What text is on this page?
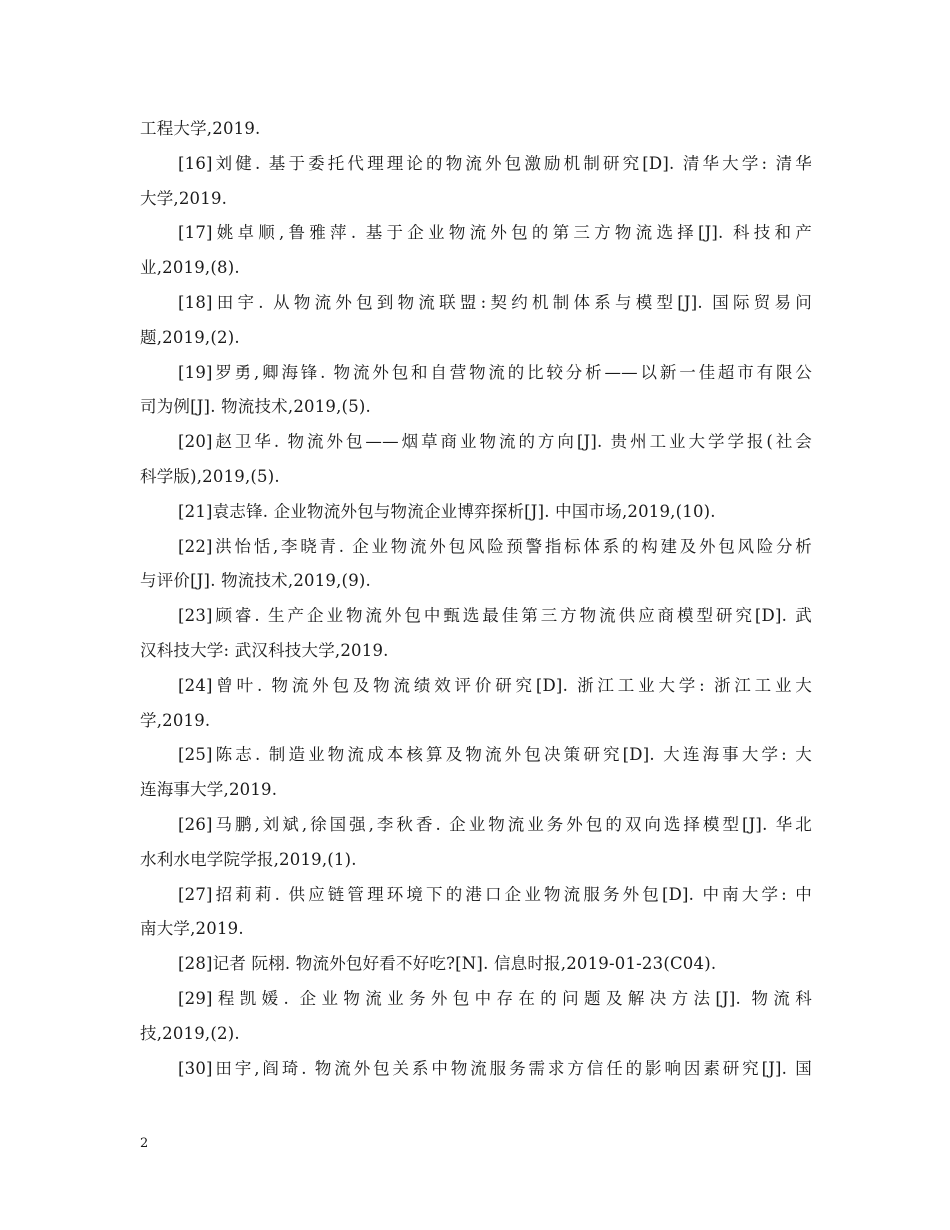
工程大学,2019.
[16]刘健. 基于委托代理理论的物流外包激励机制研究[D]. 清华大学: 清华
大学,2019.
[17]姚卓顺,鲁雅萍. 基于企业物流外包的第三方物流选择[J]. 科技和产
业,2019,(8).
[18]田宇. 从物流外包到物流联盟:契约机制体系与模型[J]. 国际贸易问
题,2019,(2).
[19]罗勇,卿海锋. 物流外包和自营物流的比较分析——以新一佳超市有限公
司为例[J]. 物流技术,2019,(5).
[20]赵卫华. 物流外包——烟草商业物流的方向[J]. 贵州工业大学学报(社会
科学版),2019,(5).
[21]袁志锋. 企业物流外包与物流企业博弈探析[J]. 中国市场,2019,(10).
[22]洪怡恬,李晓青. 企业物流外包风险预警指标体系的构建及外包风险分析
与评价[J]. 物流技术,2019,(9).
[23]顾睿. 生产企业物流外包中甄选最佳第三方物流供应商模型研究[D]. 武
汉科技大学: 武汉科技大学,2019.
[24]曾叶. 物流外包及物流绩效评价研究[D]. 浙江工业大学: 浙江工业大
学,2019.
[25]陈志. 制造业物流成本核算及物流外包决策研究[D]. 大连海事大学: 大
连海事大学,2019.
[26]马鹏,刘斌,徐国强,李秋香. 企业物流业务外包的双向选择模型[J]. 华北
水利水电学院学报,2019,(1).
[27]招莉莉. 供应链管理环境下的港口企业物流服务外包[D]. 中南大学: 中
南大学,2019.
[28]记者 阮栩. 物流外包好看不好吃?[N]. 信息时报,2019-01-23(C04).
[29]程凯媛. 企业物流业务外包中存在的问题及解决方法[J]. 物流科
技,2019,(2).
[30]田宇,阎琦. 物流外包关系中物流服务需求方信任的影响因素研究[J]. 国
2
